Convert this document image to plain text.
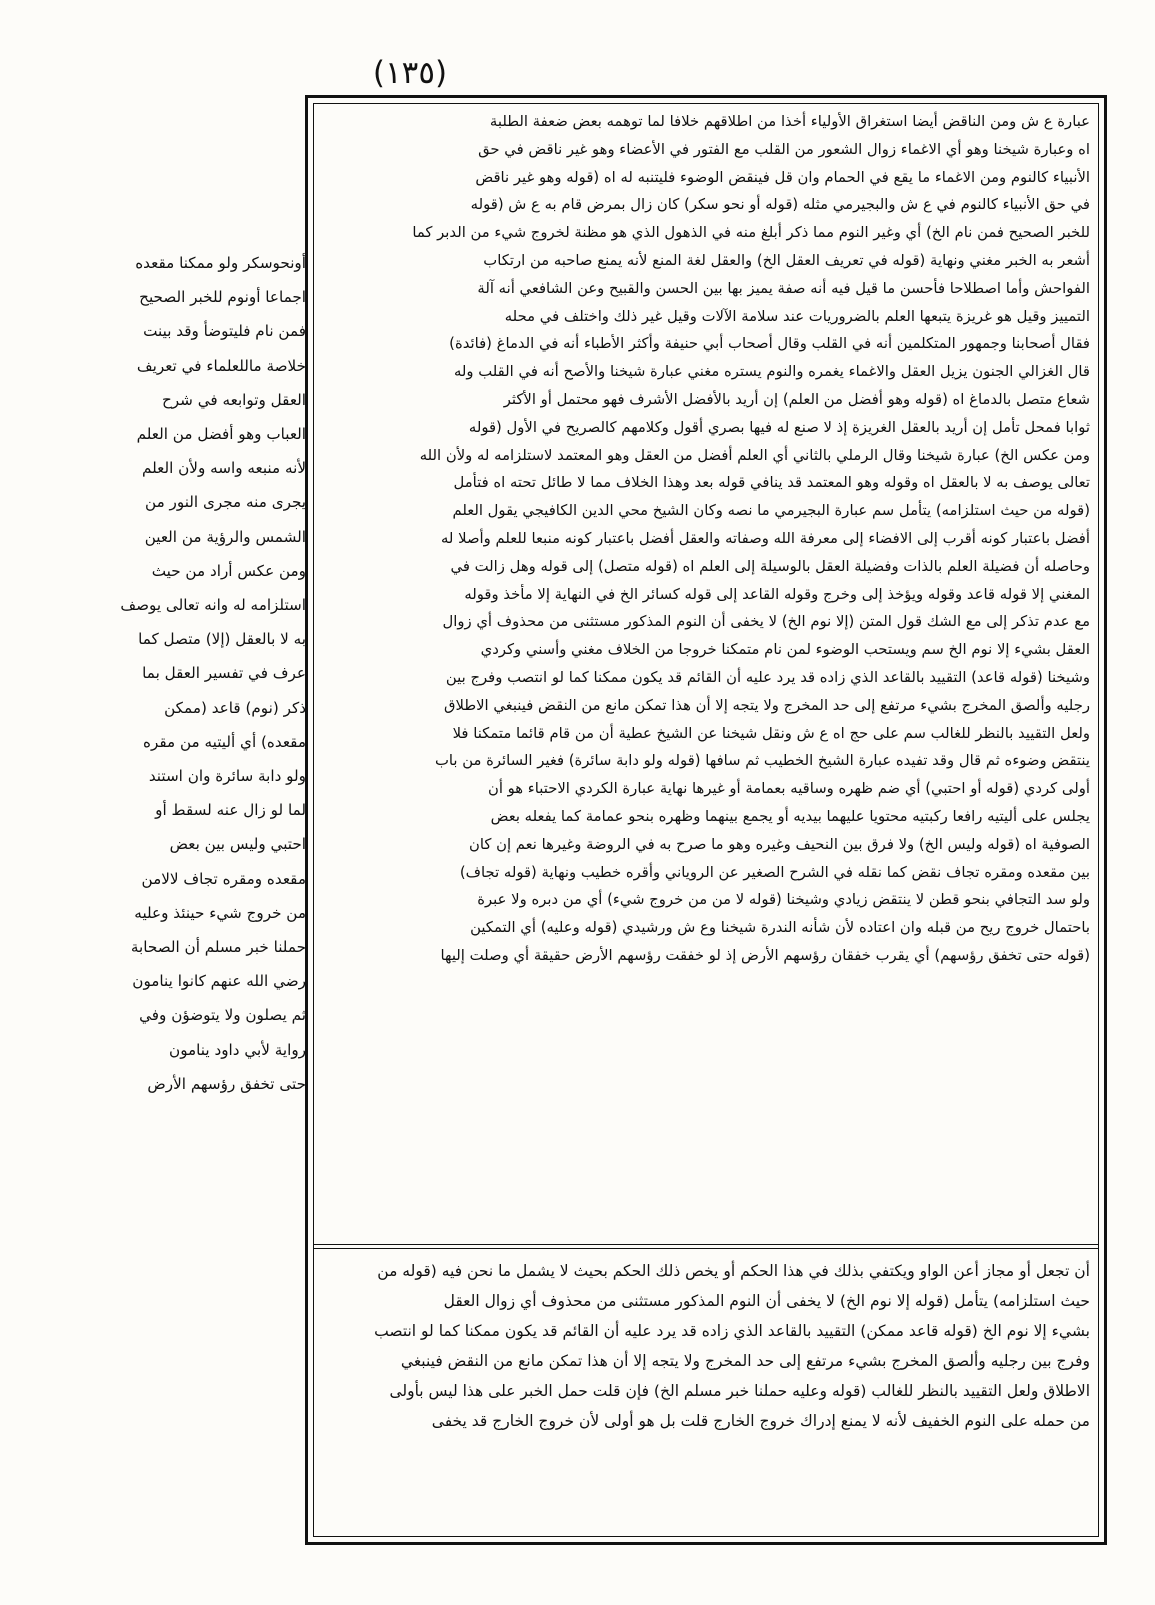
(١٣٥)
أونحوسكر ولو ممكنا مقعده
اجماعا أونوم للخبر الصحيح
فمن نام فليتوضأ وقد بينت
خلاصة ماللعلماء في تعريف
العقل وتوابعه في شرح
العباب وهو أفضل من العلم
لأنه منبعه واسه ولأن العلم
يجرى منه مجرى النور من
الشمس والرؤية من العين
ومن عكس أراد من حيث
استلزامه له وانه تعالى يوصف
به لا بالعقل (إلا) متصل كما
عرف في تفسير العقل بما
ذكر (نوم) قاعد (ممكن
مقعده) أي أليتيه من مقره
ولو دابة سائرة وان استند
لما لو زال عنه لسقط أو
احتبي وليس بين بعض
مقعده ومقره تجاف لالامن
من خروج شيء حينئذ وعليه
حملنا خبر مسلم أن الصحابة
رضي الله عنهم كانوا ينامون
ثم يصلون ولا يتوضؤن وفي
رواية لأبي داود ينامون
حتى تخفق رؤسهم الأرض
عبارة ع ش ومن الناقض أيضا استغراق الأولياء أخذا من اطلاقهم خلافا لما توهمه بعض ضعفة الطلبة
اه وعبارة شيخنا وهو أي الاغماء زوال الشعور من القلب مع الفتور في الأعضاء وهو غير ناقض في حق
الأنبياء كالنوم ومن الاغماء ما يقع في الحمام وان قل فينقض الوضوء فليتنبه له اه (قوله وهو غير ناقض
في حق الأنبياء كالنوم في ع ش والبجيرمي مثله (قوله أو نحو سكر) كان زال بمرض قام به ع ش (قوله
للخبر الصحيح فمن نام الخ) أي وغير النوم مما ذكر أبلغ منه في الذهول الذي هو مظنة لخروج شيء من الدبر كما
أشعر به الخبر مغني ونهاية (قوله في تعريف العقل الخ) والعقل لغة المنع لأنه يمنع صاحبه من ارتكاب
الفواحش وأما اصطلاحا فأحسن ما قيل فيه أنه صفة يميز بها بين الحسن والقبيح وعن الشافعي أنه آلة
التمييز وقيل هو غريزة يتبعها العلم بالضروريات عند سلامة الآلات وقيل غير ذلك واختلف في محله
فقال أصحابنا وجمهور المتكلمين أنه في القلب وقال أصحاب أبي حنيفة وأكثر الأطباء أنه في الدماغ (فائدة)
قال الغزالي الجنون يزيل العقل والاغماء يغمره والنوم يستره مغني عبارة شيخنا والأصح أنه في القلب وله
شعاع متصل بالدماغ اه (قوله وهو أفضل من العلم) إن أريد بالأفضل الأشرف فهو محتمل أو الأكثر
ثوابا فمحل تأمل إن أريد بالعقل الغريزة إذ لا صنع له فيها بصري أقول وكلامهم كالصريح في الأول (قوله
ومن عكس الخ) عبارة شيخنا وقال الرملي بالثاني أي العلم أفضل من العقل وهو المعتمد لاستلزامه له ولأن الله
تعالى يوصف به لا بالعقل اه وقوله وهو المعتمد قد ينافي قوله بعد وهذا الخلاف مما لا طائل تحته اه فتأمل
(قوله من حيث استلزامه) يتأمل سم عبارة البجيرمي ما نصه وكان الشيخ محي الدين الكافيجي يقول العلم
أفضل باعتبار كونه أقرب إلى الافضاء إلى معرفة الله وصفاته والعقل أفضل باعتبار كونه منبعا للعلم وأصلا له
وحاصله أن فضيلة العلم بالذات وفضيلة العقل بالوسيلة إلى العلم اه (قوله متصل) إلى قوله وهل زالت في
المغني إلا قوله قاعد وقوله ويؤخذ إلى وخرج وقوله القاعد إلى قوله كسائر الخ في النهاية إلا مأخذ وقوله
مع عدم تذكر إلى مع الشك قول المتن (إلا نوم الخ) لا يخفى أن النوم المذكور مستثنى من محذوف أي زوال
العقل بشيء إلا نوم الخ سم ويستحب الوضوء لمن نام متمكنا خروجا من الخلاف مغني وأسني وكردي
وشيخنا (قوله قاعد) التقييد بالقاعد الذي زاده قد يرد عليه أن القائم قد يكون ممكنا كما لو انتصب وفرج بين
رجليه وألصق المخرج بشيء مرتفع إلى حد المخرج ولا يتجه إلا أن هذا تمكن مانع من النقض فينبغي الاطلاق
ولعل التقييد بالنظر للغالب سم على حج اه ع ش ونقل شيخنا عن الشيخ عطية أن من قام قائما متمكنا فلا
ينتقض وضوءه ثم قال وقد تفيده عبارة الشيخ الخطيب ثم سافها (قوله ولو دابة سائرة) فغير السائرة من باب
أولى كردي (قوله أو احتبي) أي ضم ظهره وساقيه بعمامة أو غيرها نهاية عبارة الكردي الاحتباء هو أن
يجلس على أليتيه رافعا ركبتيه محتويا عليهما بيديه أو يجمع بينهما وظهره بنحو عمامة كما يفعله بعض
الصوفية اه (قوله وليس الخ) ولا فرق بين النحيف وغيره وهو ما صرح به في الروضة وغيرها نعم إن كان
بين مقعده ومقره تجاف نقض كما نقله في الشرح الصغير عن الروياني وأقره خطيب ونهاية (قوله تجاف)
ولو سد التجافي بنحو قطن لا ينتقض زيادي وشيخنا (قوله لا من من خروج شيء) أي من دبره ولا عبرة
باحتمال خروج ريح من قبله وان اعتاده لأن شأنه الندرة شيخنا وع ش ورشيدي (قوله وعليه) أي التمكين
(قوله حتى تخفق رؤسهم) أي يقرب خفقان رؤسهم الأرض إذ لو خفقت رؤسهم الأرض حقيقة أي وصلت إليها
أن تجعل أو مجاز أعن الواو ويكتفي بذلك في هذا الحكم أو يخص ذلك الحكم بحيث لا يشمل ما نحن فيه (قوله من
حيث استلزامه) يتأمل (قوله إلا نوم الخ) لا يخفى أن النوم المذكور مستثنى من محذوف أي زوال العقل
بشيء إلا نوم الخ (قوله قاعد ممكن) التقييد بالقاعد الذي زاده قد يرد عليه أن القائم قد يكون ممكنا كما لو انتصب
وفرج بين رجليه وألصق المخرج بشيء مرتفع إلى حد المخرج ولا يتجه إلا أن هذا تمكن مانع من النقض فينبغي
الاطلاق ولعل التقييد بالنظر للغالب (قوله وعليه حملنا خبر مسلم الخ) فإن قلت حمل الخبر على هذا ليس بأولى
من حمله على النوم الخفيف لأنه لا يمنع إدراك خروج الخارج قلت بل هو أولى لأن خروج الخارج قد يخفى
